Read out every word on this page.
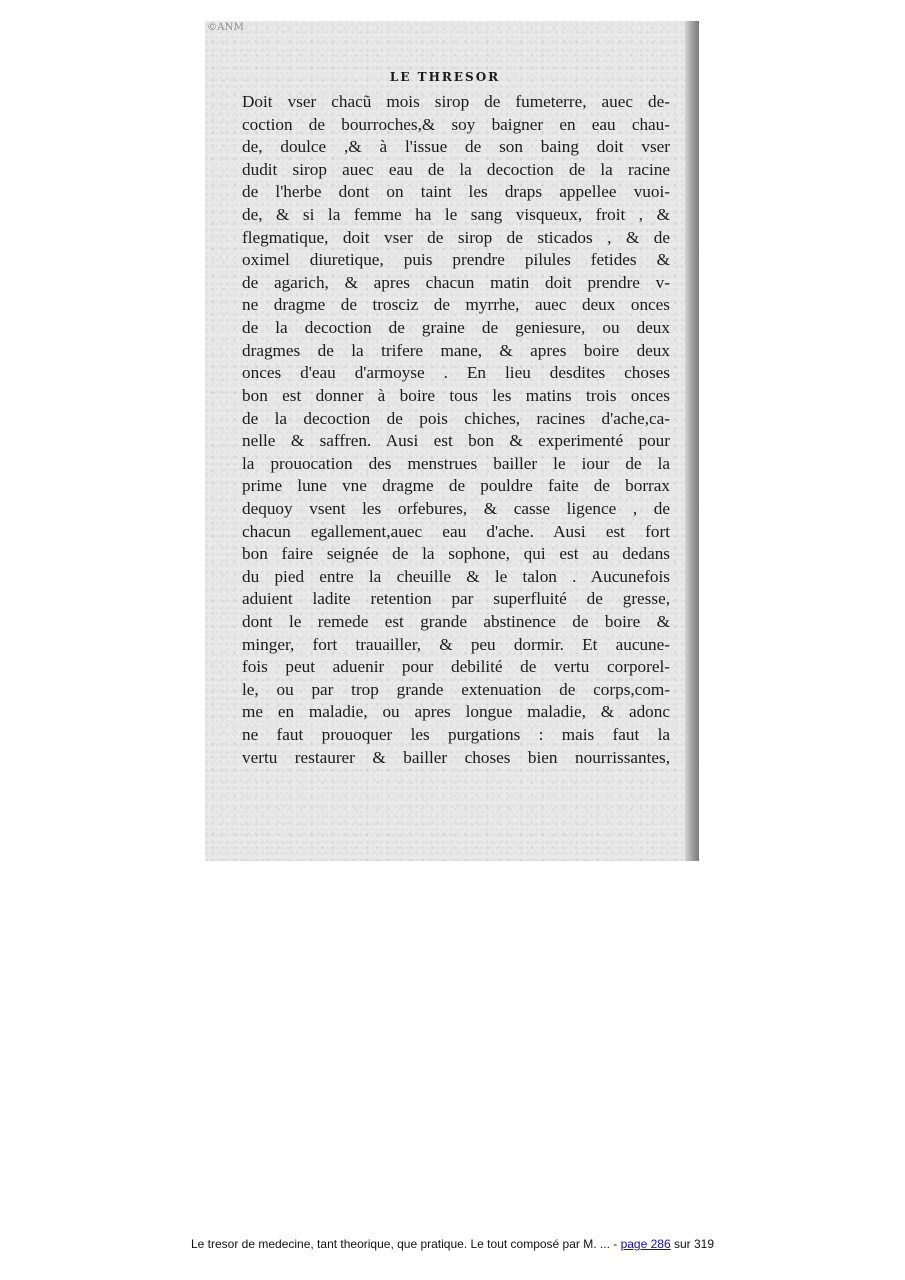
©ANM
LE THRESOR
Doit vser chacũ mois sirop de fumeterre, auec de-
coction de bourroches,& soy baigner en eau chau-
de, doulce ,& à l'issue de son baing doit vser
dudit sirop auec eau de la decoction de la racine
de l'herbe dont on taint les draps appellee vuoi-
de, & si la femme ha le sang visqueux, froit , &
flegmatique, doit vser de sirop de sticados , & de
oximel diuretique, puis prendre pilules fetides &
de agarich, & apres chacun matin doit prendre v-
ne dragme de trosciz de myrrhe, auec deux onces
de la decoction de graine de geniesure, ou deux
dragmes de la trifere mane, & apres boire deux
onces d'eau d'armoyse . En lieu desdites choses
bon est donner à boire tous les matins trois onces
de la decoction de pois chiches, racines d'ache,ca-
nelle & saffren. Ausi est bon & experimenté pour
la prouocation des menstrues bailler le iour de la
prime lune vne dragme de pouldre faite de borrax
dequoy vsent les orfebures, & casse ligence , de
chacun egallement,auec eau d'ache. Ausi est fort
bon faire seignée de la sophone, qui est au dedans
du pied entre la cheuille & le talon . Aucunefois
aduient ladite retention par superfluité de gresse,
dont le remede est grande abstinence de boire &
minger, fort trauailler, & peu dormir. Et aucune-
fois peut aduenir pour debilité de vertu corporel-
le, ou par trop grande extenuation de corps,com-
me en maladie, ou apres longue maladie, & adonc
ne faut prouoquer les purgations : mais faut la
vertu restaurer & bailler choses bien nourrissantes,
Le tresor de medecine, tant theorique, que pratique. Le tout composé par M. ... - page 286 sur 319
